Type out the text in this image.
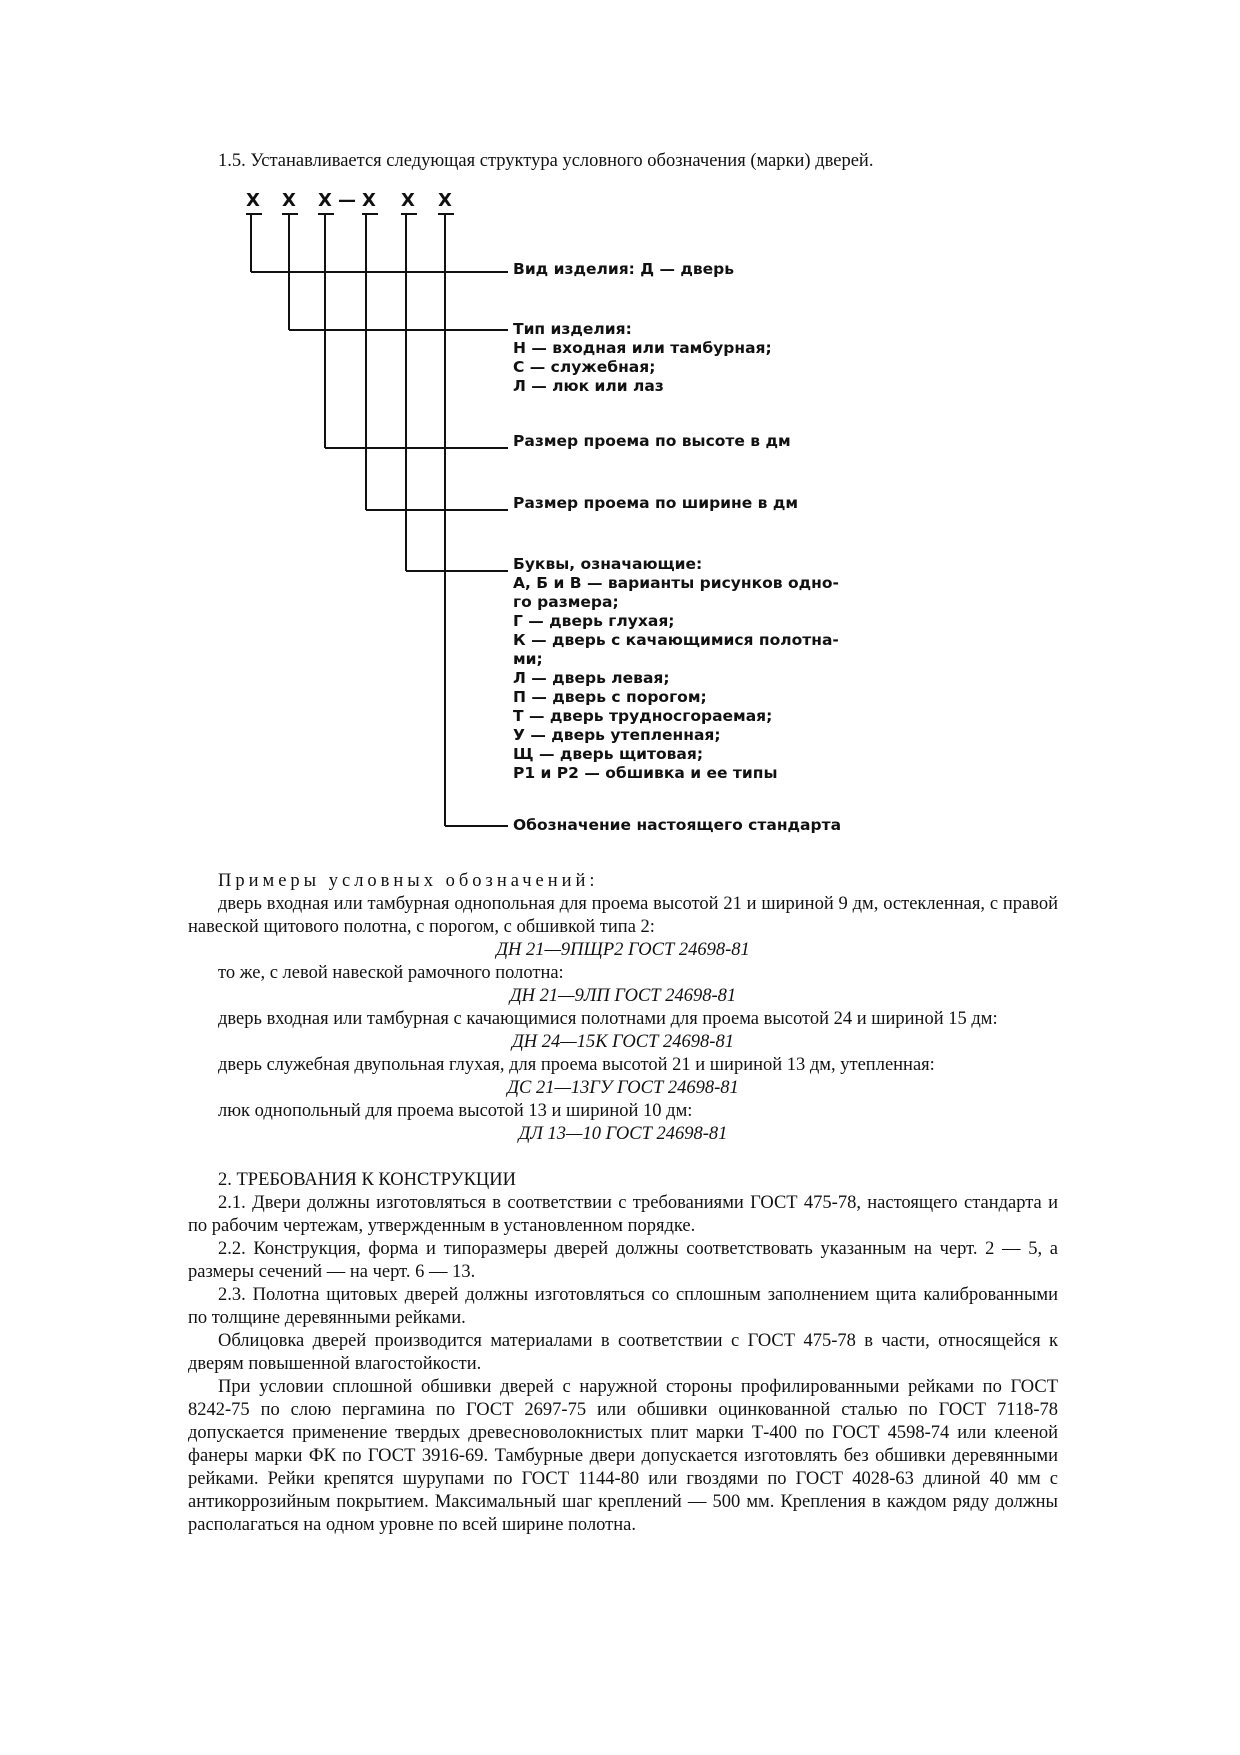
1.5. Устанавливается следующая структура условного обозначения (марки) дверей.

Х Х Х — Х Х Х
Вид изделия: Д — дверь
Тип изделия:
Н — входная или тамбурная;
С — служебная;
Л — люк или лаз
Размер проема по высоте в дм
Размер проема по ширине в дм
Буквы, означающие:
А, Б и В — варианты рисунков одно-
го размера;
Г — дверь глухая;
К — дверь с качающимися полотна-
ми;
Л — дверь левая;
П — дверь с порогом;
Т — дверь трудносгораемая;
У — дверь утепленная;
Щ — дверь щитовая;
Р1 и Р2 — обшивка и ее типы
Обозначение настоящего стандарта

Примеры условных обозначений:

дверь входная или тамбурная однопольная для проема высотой 21 и шириной 9 дм, остекленная, с правой навеской щитового полотна, с порогом, с обшивкой типа 2:

ДН 21—9ПЩР2 ГОСТ 24698-81

то же, с левой навеской рамочного полотна:

ДН 21—9ЛП ГОСТ 24698-81

дверь входная или тамбурная с качающимися полотнами для проема высотой 24 и шириной 15 дм:

ДН 24—15К ГОСТ 24698-81

дверь служебная двупольная глухая, для проема высотой 21 и шириной 13 дм, утепленная:

ДС 21—13ГУ ГОСТ 24698-81

люк однопольный для проема высотой 13 и шириной 10 дм:

ДЛ 13—10 ГОСТ 24698-81

2. ТРЕБОВАНИЯ К КОНСТРУКЦИИ

2.1. Двери должны изготовляться в соответствии с требованиями ГОСТ 475-78, настоящего стандарта и по рабочим чертежам, утвержденным в установленном порядке.

2.2. Конструкция, форма и типоразмеры дверей должны соответствовать указанным на черт. 2 — 5, а размеры сечений — на черт. 6 — 13.

2.3. Полотна щитовых дверей должны изготовляться со сплошным заполнением щита калиброванными по толщине деревянными рейками.

Облицовка дверей производится материалами в соответствии с ГОСТ 475-78 в части, относящейся к дверям повышенной влагостойкости.

При условии сплошной обшивки дверей с наружной стороны профилированными рейками по ГОСТ 8242-75 по слою пергамина по ГОСТ 2697-75 или обшивки оцинкованной сталью по ГОСТ 7118-78 допускается применение твердых древесноволокнистых плит марки Т-400 по ГОСТ 4598-74 или клееной фанеры марки ФК по ГОСТ 3916-69. Тамбурные двери допускается изготовлять без обшивки деревянными рейками. Рейки крепятся шурупами по ГОСТ 1144-80 или гвоздями по ГОСТ 4028-63 длиной 40 мм с антикоррозийным покрытием. Максимальный шаг креплений — 500 мм. Крепления в каждом ряду должны располагаться на одном уровне по всей ширине полотна.
